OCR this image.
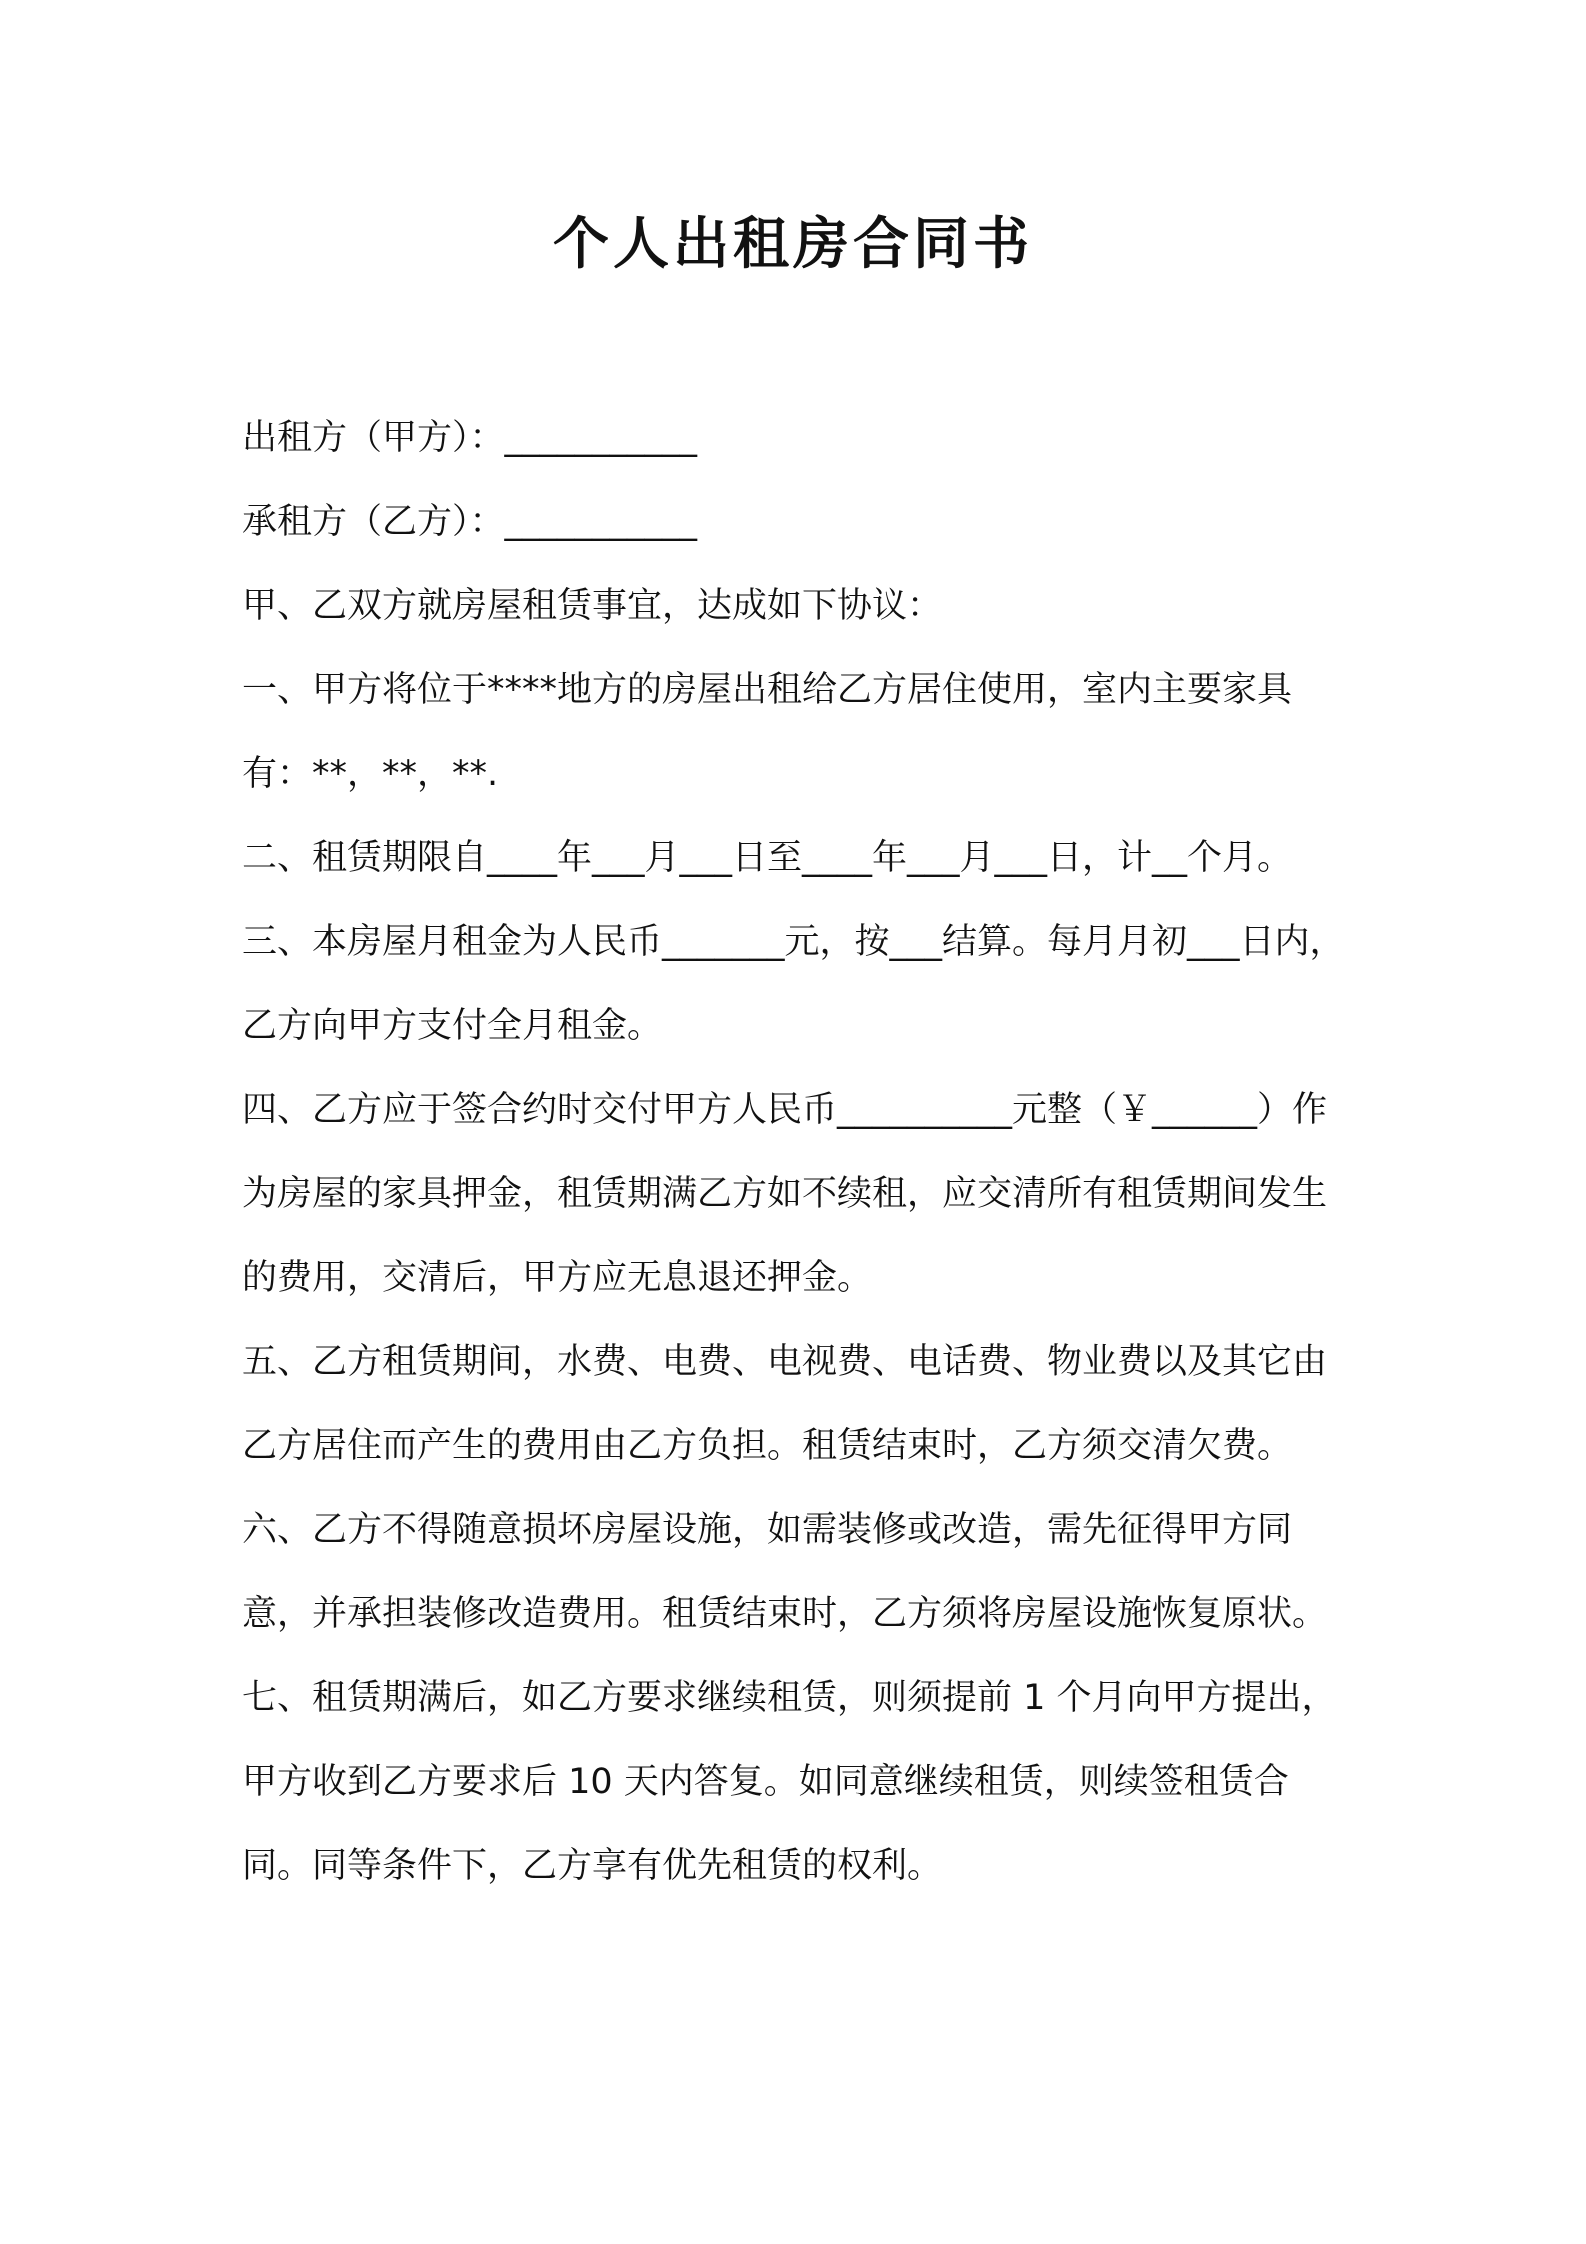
个人出租房合同书

出租方（甲方）：___________

承租方（乙方）：___________

甲、乙双方就房屋租赁事宜，达成如下协议：

一、甲方将位于****地方的房屋出租给乙方居住使用，室内主要家具有：**，**，**.

二、租赁期限自____年___月___日至____年___月___日，计__个月。

三、本房屋月租金为人民币_______元，按___结算。每月月初___日内，乙方向甲方支付全月租金。

四、乙方应于签合约时交付甲方人民币__________元整（￥______）作为房屋的家具押金，租赁期满乙方如不续租，应交清所有租赁期间发生的费用，交清后，甲方应无息退还押金。

五、乙方租赁期间，水费、电费、电视费、电话费、物业费以及其它由乙方居住而产生的费用由乙方负担。租赁结束时，乙方须交清欠费。

六、乙方不得随意损坏房屋设施，如需装修或改造，需先征得甲方同意，并承担装修改造费用。租赁结束时，乙方须将房屋设施恢复原状。

七、租赁期满后，如乙方要求继续租赁，则须提前 1 个月向甲方提出，甲方收到乙方要求后 10 天内答复。如同意继续租赁，则续签租赁合同。同等条件下，乙方享有优先租赁的权利。
